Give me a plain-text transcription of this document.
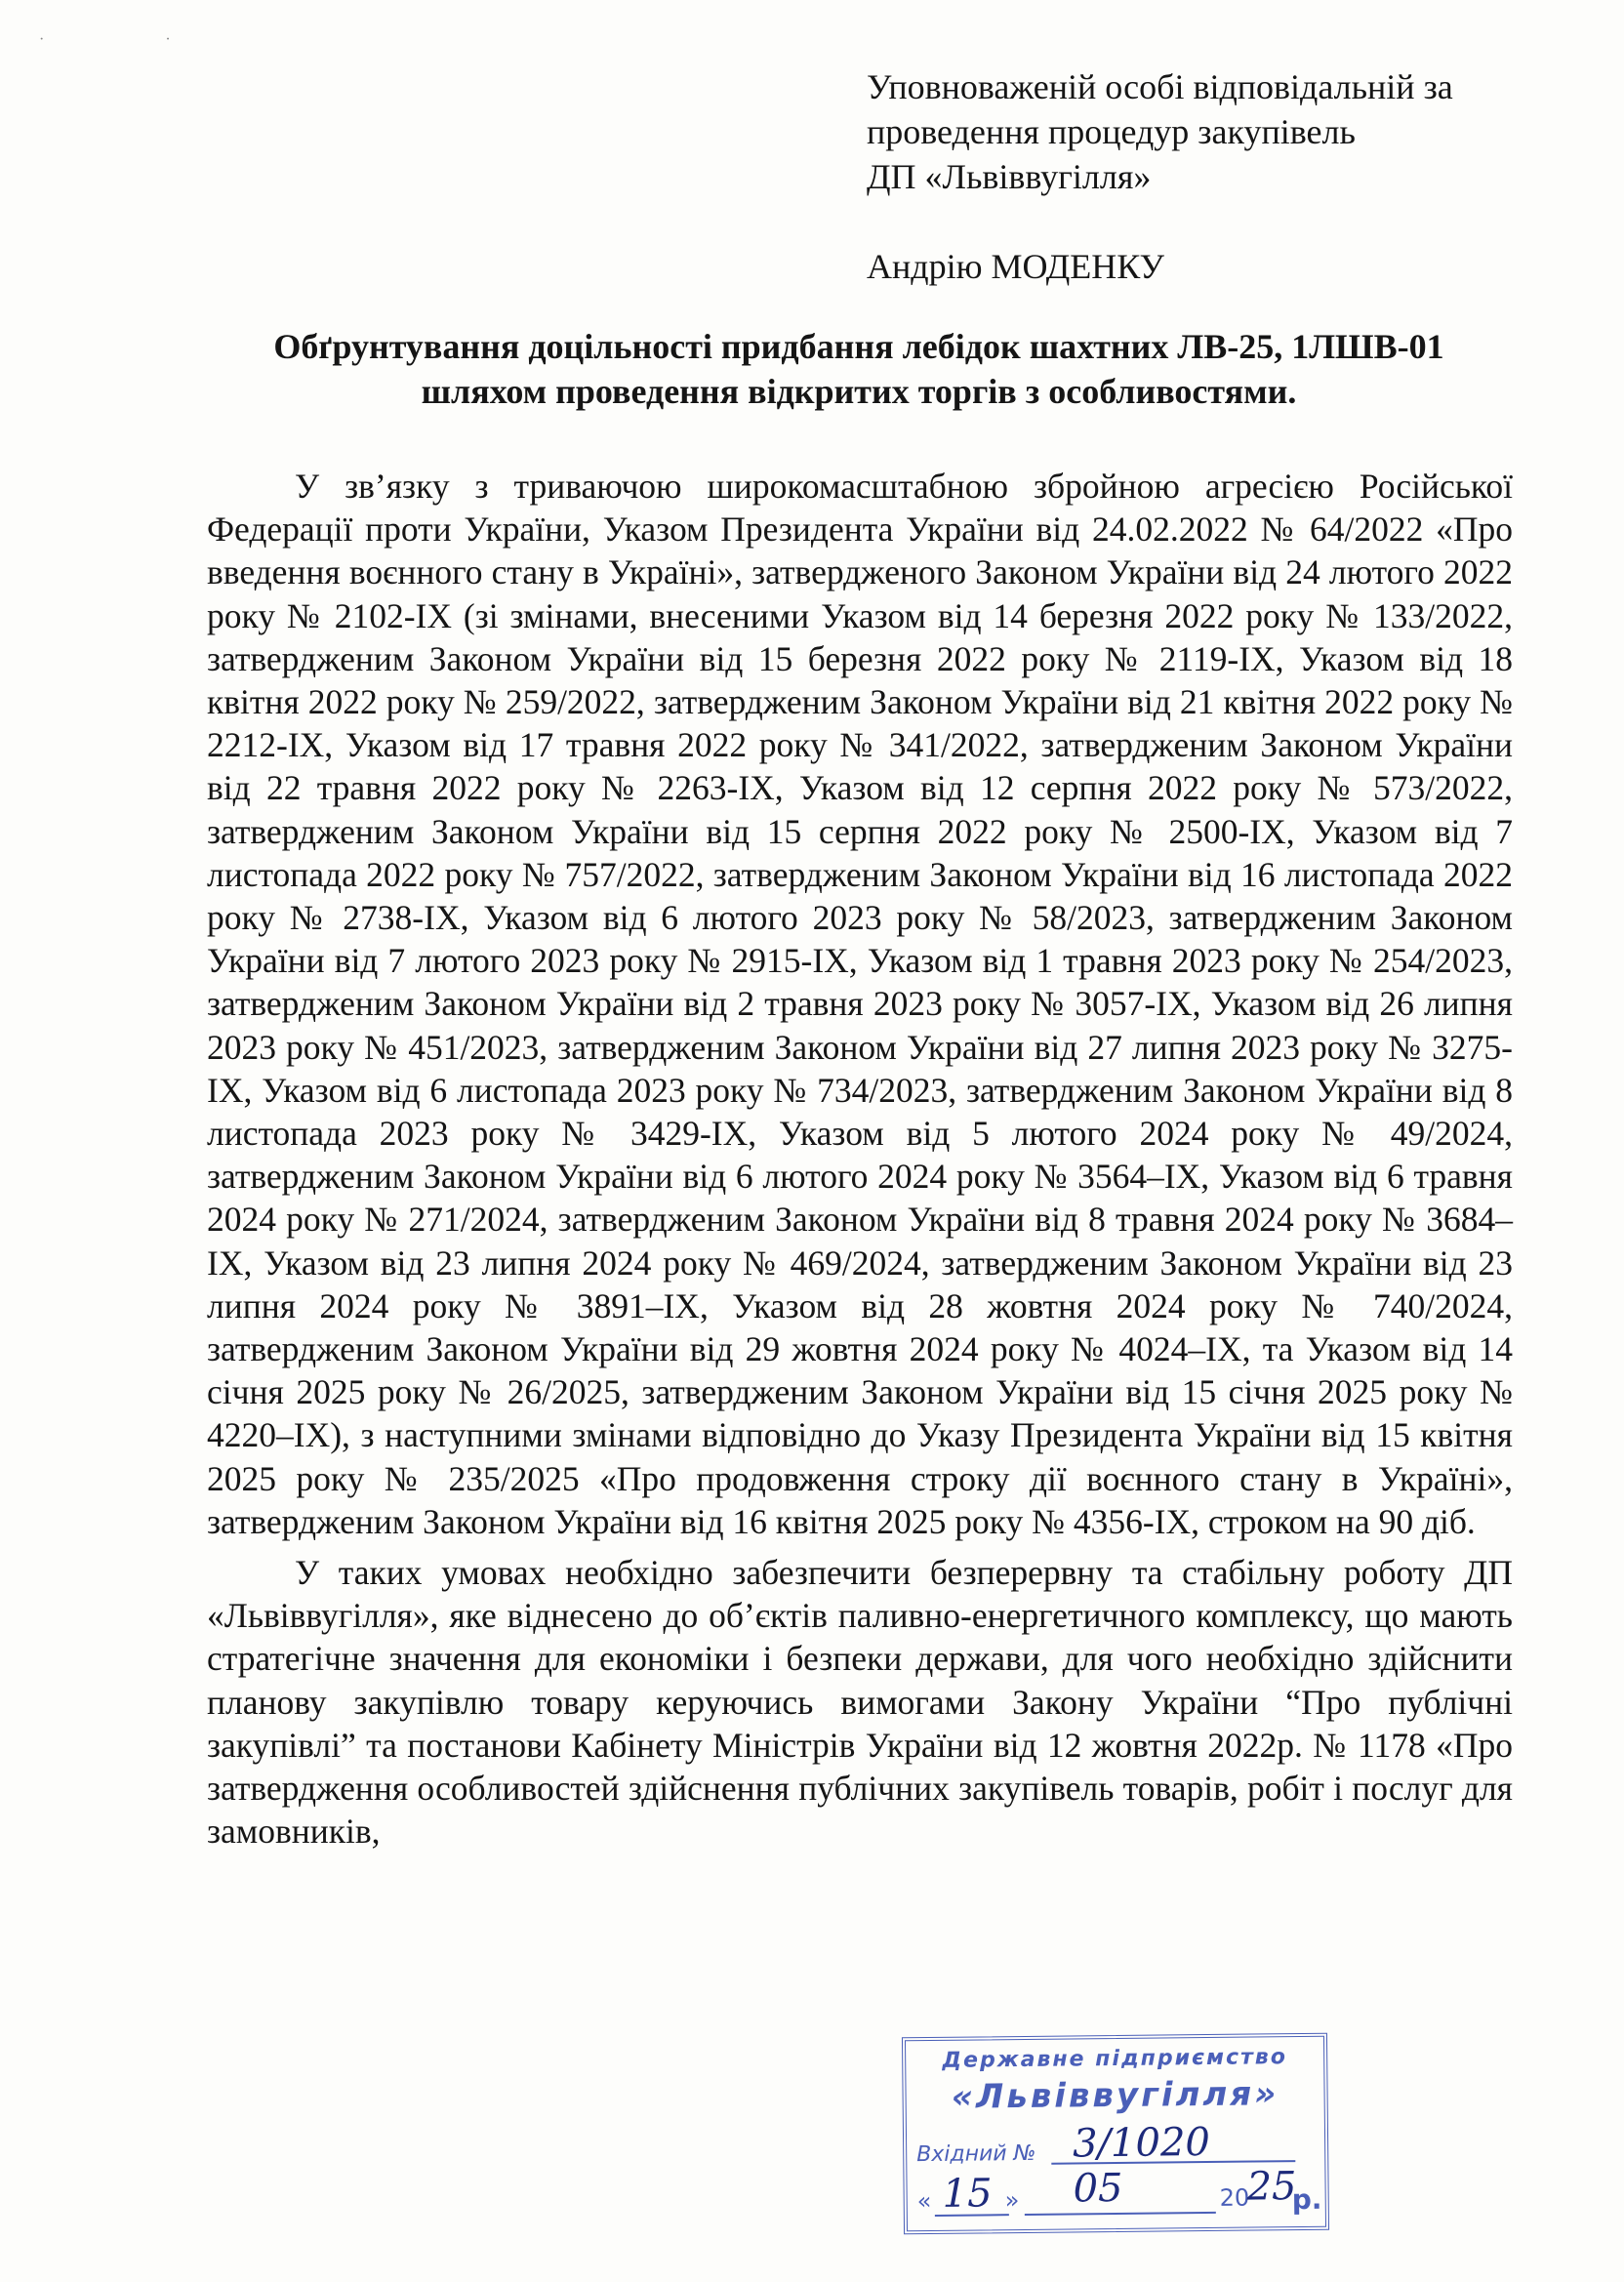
· ·
Уповноваженій особі відповідальній за
проведення процедур закупівель
ДП «Львіввугілля»
Андрію МОДЕНКУ
Обґрунтування доцільності придбання лебідок шахтних ЛВ-25, 1ЛШВ-01
шляхом проведення відкритих торгів з особливостями.

У зв’язку з триваючою широкомасштабною збройною агресією Російської Федерації проти України, Указом Президента України від 24.02.2022 № 64/2022 «Про введення воєнного стану в Україні», затвердженого Законом України від 24 лютого 2022 року № 2102-IX (зі змінами, внесеними Указом від 14 березня 2022 року № 133/2022, затвердженим Законом України від 15 березня 2022 року № 2119-IX, Указом від 18 квітня 2022 року № 259/2022, затвердженим Законом України від 21 квітня 2022 року № 2212-IX, Указом від 17 травня 2022 року № 341/2022, затвердженим Законом України від 22 травня 2022 року № 2263-IX, Указом від 12 серпня 2022 року № 573/2022, затвердженим Законом України від 15 серпня 2022 року № 2500-IX, Указом від 7 листопада 2022 року № 757/2022, затвердженим Законом України від 16 листопада 2022 року № 2738-IX, Указом від 6 лютого 2023 року № 58/2023, затвердженим Законом України від 7 лютого 2023 року № 2915-IX, Указом від 1 травня 2023 року № 254/2023, затвердженим Законом України від 2 травня 2023 року № 3057-IX, Указом від 26 липня 2023 року № 451/2023, затвердженим Законом України від 27 липня 2023 року № 3275-IX, Указом від 6 листопада 2023 року № 734/2023, затвердженим Законом України від 8 листопада 2023 року № 3429-IX, Указом від 5 лютого 2024 року № 49/2024, затвердженим Законом України від 6 лютого 2024 року № 3564–IX, Указом від 6 травня 2024 року № 271/2024, затвердженим Законом України від 8 травня 2024 року № 3684–IX, Указом від 23 липня 2024 року № 469/2024, затвердженим Законом України від 23 липня 2024 року № 3891–IX, Указом від 28 жовтня 2024 року № 740/2024, затвердженим Законом України від 29 жовтня 2024 року № 4024–IX, та Указом від 14 січня 2025 року № 26/2025, затвердженим Законом України від 15 січня 2025 року № 4220–IX), з наступними змінами відповідно до Указу Президента України від 15 квітня 2025 року № 235/2025 «Про продовження строку дії воєнного стану в Україні», затвердженим Законом України від 16 квітня 2025 року № 4356-IX, строком на 90 діб.

У таких умовах необхідно забезпечити безперервну та стабільну роботу ДП «Львіввугілля», яке віднесено до об’єктів паливно-енергетичного комплексу, що мають стратегічне значення для економіки і безпеки держави, для чого необхідно здійснити планову закупівлю товару керуючись вимогами Закону України “Про публічні закупівлі” та постанови Кабінету Міністрів України від 12 жовтня 2022р. № 1178 «Про затвердження особливостей здійснення публічних закупівель товарів, робіт і послуг для замовників,

Державне підприємство
«Львіввугілля»
Вхідний № 3/1020
« 15 » 05	20
25
р.
